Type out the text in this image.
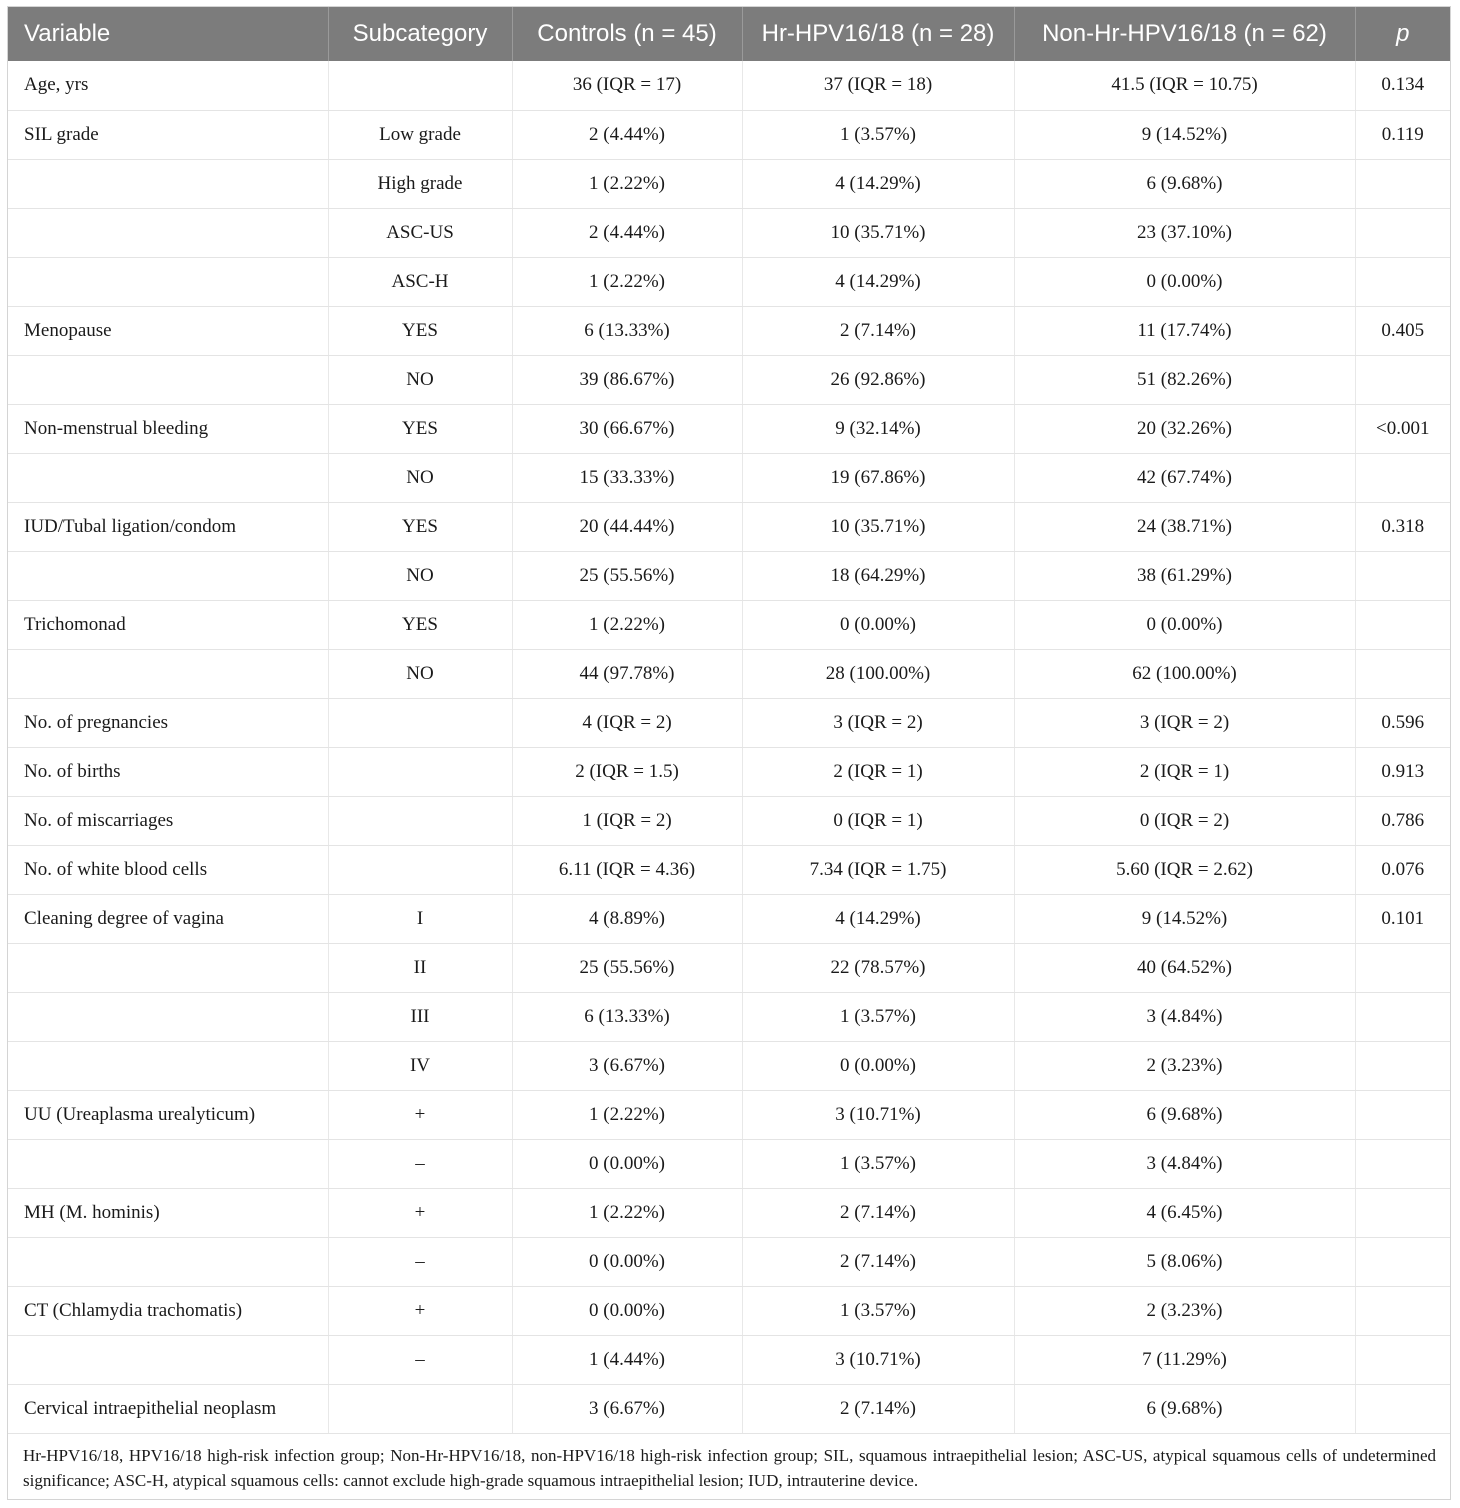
Variable	Subcategory	Controls (n = 45)	Hr-HPV16/18 (n = 28)	Non-Hr-HPV16/18 (n = 62)	p
Age, yrs		36 (IQR = 17)	37 (IQR = 18)	41.5 (IQR = 10.75)	0.134
SIL grade	Low grade	2 (4.44%)	1 (3.57%)	9 (14.52%)	0.119
	High grade	1 (2.22%)	4 (14.29%)	6 (9.68%)	
	ASC-US	2 (4.44%)	10 (35.71%)	23 (37.10%)	
	ASC-H	1 (2.22%)	4 (14.29%)	0 (0.00%)	
Menopause	YES	6 (13.33%)	2 (7.14%)	11 (17.74%)	0.405
	NO	39 (86.67%)	26 (92.86%)	51 (82.26%)	
Non-menstrual bleeding	YES	30 (66.67%)	9 (32.14%)	20 (32.26%)	<0.001
	NO	15 (33.33%)	19 (67.86%)	42 (67.74%)	
IUD/Tubal ligation/condom	YES	20 (44.44%)	10 (35.71%)	24 (38.71%)	0.318
	NO	25 (55.56%)	18 (64.29%)	38 (61.29%)	
Trichomonad	YES	1 (2.22%)	0 (0.00%)	0 (0.00%)	
	NO	44 (97.78%)	28 (100.00%)	62 (100.00%)	
No. of pregnancies		4 (IQR = 2)	3 (IQR = 2)	3 (IQR = 2)	0.596
No. of births		2 (IQR = 1.5)	2 (IQR = 1)	2 (IQR = 1)	0.913
No. of miscarriages		1 (IQR = 2)	0 (IQR = 1)	0 (IQR = 2)	0.786
No. of white blood cells		6.11 (IQR = 4.36)	7.34 (IQR = 1.75)	5.60 (IQR = 2.62)	0.076
Cleaning degree of vagina	I	4 (8.89%)	4 (14.29%)	9 (14.52%)	0.101
	II	25 (55.56%)	22 (78.57%)	40 (64.52%)	
	III	6 (13.33%)	1 (3.57%)	3 (4.84%)	
	IV	3 (6.67%)	0 (0.00%)	2 (3.23%)	
UU (Ureaplasma urealyticum)	+	1 (2.22%)	3 (10.71%)	6 (9.68%)	
	–	0 (0.00%)	1 (3.57%)	3 (4.84%)	
MH (M. hominis)	+	1 (2.22%)	2 (7.14%)	4 (6.45%)	
	–	0 (0.00%)	2 (7.14%)	5 (8.06%)	
CT (Chlamydia trachomatis)	+	0 (0.00%)	1 (3.57%)	2 (3.23%)	
	–	1 (4.44%)	3 (10.71%)	7 (11.29%)	
Cervical intraepithelial neoplasm		3 (6.67%)	2 (7.14%)	6 (9.68%)	
Hr-HPV16/18, HPV16/18 high-risk infection group; Non-Hr-HPV16/18, non-HPV16/18 high-risk infection group; SIL, squamous intraepithelial lesion; ASC-US, atypical squamous cells of undetermined significance; ASC-H, atypical squamous cells: cannot exclude high-grade squamous intraepithelial lesion; IUD, intrauterine device.
